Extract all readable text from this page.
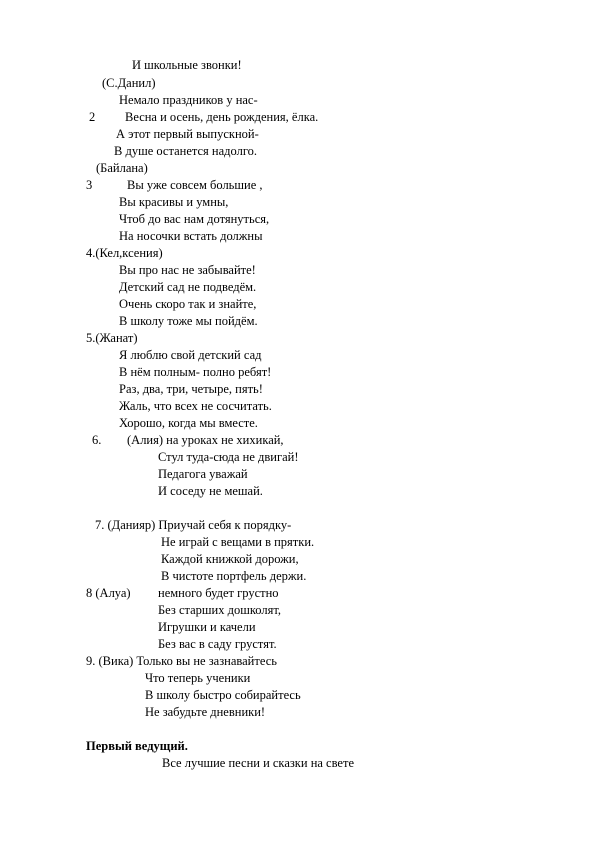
И школьные звонки!
(С.Данил)
Немало праздников у нас-
2 Весна и осень, день рождения, ёлка.
А этот первый выпускной-
В душе останется надолго.
(Байлана)
3	Вы уже совсем большие ,
Вы красивы и умны,
Чтоб до вас нам дотянуться,
На носочки встать должны
4.(Кел,ксения)
Вы про нас не забывайте!
Детский сад не подведём.
Очень скоро так и знайте,
В школу тоже мы пойдём.
5.(Жанат)
Я люблю свой детский сад
В нём полным- полно ребят!
Раз, два, три, четыре, пять!
Жаль, что всех не сосчитать.
Хорошо, когда мы вместе.
6. (Алия) на уроках не хихикай,
Стул туда-сюда не двигай!
Педагога уважай
И соседу не мешай.
7. (Данияр) Приучай себя к порядку-
Не играй с вещами в прятки.
Каждой книжкой дорожи,
В чистоте портфель держи.
8 (Алуа) немного будет грустно
Без старших дошколят,
Игрушки и качели
Без вас в саду грустят.
9. (Вика) Только вы не зазнавайтесь
Что теперь ученики
В школу быстро собирайтесь
Не забудьте дневники!
Первый ведущий.
Все лучшие песни и сказки на свете
